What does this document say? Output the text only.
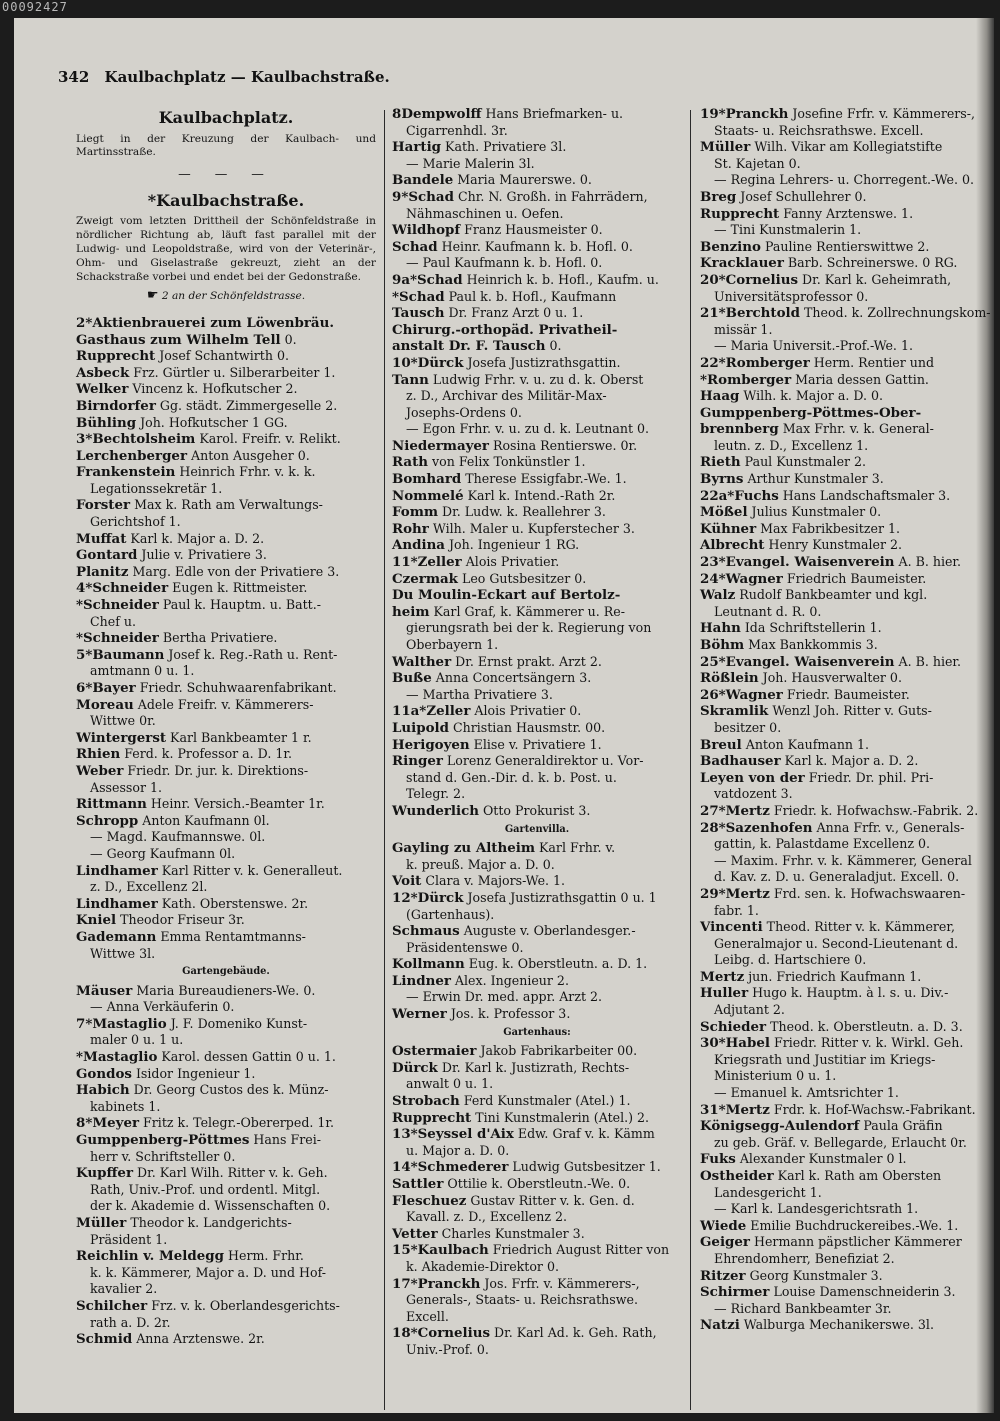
00092427
342 Kaulbachplatz — Kaulbachstraße.
Kaulbachplatz.
Liegt in der Kreuzung der Kaulbach- und Martinsstraße.
— — —
*Kaulbachstraße.
Zweigt vom letzten Drittheil der Schönfeldstraße in nördlicher Richtung ab, läuft fast parallel mit der Ludwig- und Leopoldstraße, wird von der Veterinär-, Ohm- und Giselastraße gekreuzt, zieht an der Schackstraße vorbei und endet bei der Gedonstraße.
☛ 2 an der Schönfeldstrasse.
2*Aktienbrauerei zum Löwenbräu.
Gasthaus zum Wilhelm Tell 0.
Rupprecht Josef Schantwirth 0.
Asbeck Frz. Gürtler u. Silberarbeiter 1.
Welker Vincenz k. Hofkutscher 2.
Birndorfer Gg. städt. Zimmergeselle 2.
Bühling Joh. Hofkutscher 1 GG.
3*Bechtolsheim Karol. Freifr. v. Relikt.
Lerchenberger Anton Ausgeher 0.
Frankenstein Heinrich Frhr. v. k. k.
Legationssekretär 1.
Forster Max k. Rath am Verwaltungs-
Gerichtshof 1.
Muffat Karl k. Major a. D. 2.
Gontard Julie v. Privatiere 3.
Planitz Marg. Edle von der Privatiere 3.
4*Schneider Eugen k. Rittmeister.
*Schneider Paul k. Hauptm. u. Batt.-
Chef u.
*Schneider Bertha Privatiere.
5*Baumann Josef k. Reg.-Rath u. Rent-
amtmann 0 u. 1.
6*Bayer Friedr. Schuhwaarenfabrikant.
Moreau Adele Freifr. v. Kämmerers-
Wittwe 0r.
Wintergerst Karl Bankbeamter 1 r.
Rhien Ferd. k. Professor a. D. 1r.
Weber Friedr. Dr. jur. k. Direktions-
Assessor 1.
Rittmann Heinr. Versich.-Beamter 1r.
Schropp Anton Kaufmann 0l.
— Magd. Kaufmannswe. 0l.
— Georg Kaufmann 0l.
Lindhamer Karl Ritter v. k. Generalleut.
z. D., Excellenz 2l.
Lindhamer Kath. Oberstenswe. 2r.
Kniel Theodor Friseur 3r.
Gademann Emma Rentamtmanns-
Wittwe 3l.
Gartengebäude.
Mäuser Maria Bureaudieners-We. 0.
— Anna Verkäuferin 0.
7*Mastaglio J. F. Domeniko Kunst-
maler 0 u. 1 u.
*Mastaglio Karol. dessen Gattin 0 u. 1.
Gondos Isidor Ingenieur 1.
Habich Dr. Georg Custos des k. Münz-
kabinets 1.
8*Meyer Fritz k. Telegr.-Obererped. 1r.
Gumppenberg-Pöttmes Hans Frei-
herr v. Schriftsteller 0.
Kupffer Dr. Karl Wilh. Ritter v. k. Geh.
Rath, Univ.-Prof. und ordentl. Mitgl.
der k. Akademie d. Wissenschaften 0.
Müller Theodor k. Landgerichts-
Präsident 1.
Reichlin v. Meldegg Herm. Frhr.
k. k. Kämmerer, Major a. D. und Hof-
kavalier 2.
Schilcher Frz. v. k. Oberlandesgerichts-
rath a. D. 2r.
Schmid Anna Arztenswe. 2r.
8Dempwolff Hans Briefmarken- u.
Cigarrenhdl. 3r.
Hartig Kath. Privatiere 3l.
— Marie Malerin 3l.
Bandele Maria Maurerswe. 0.
9*Schad Chr. N. Großh. in Fahrrädern,
Nähmaschinen u. Oefen.
Wildhopf Franz Hausmeister 0.
Schad Heinr. Kaufmann k. b. Hofl. 0.
— Paul Kaufmann k. b. Hofl. 0.
9a*Schad Heinrich k. b. Hofl., Kaufm. u.
*Schad Paul k. b. Hofl., Kaufmann
Tausch Dr. Franz Arzt 0 u. 1.
Chirurg.-orthopäd. Privatheil-
anstalt Dr. F. Tausch 0.
10*Dürck Josefa Justizrathsgattin.
Tann Ludwig Frhr. v. u. zu d. k. Oberst
z. D., Archivar des Militär-Max-
Josephs-Ordens 0.
— Egon Frhr. v. u. zu d. k. Leutnant 0.
Niedermayer Rosina Rentierswe. 0r.
Rath von Felix Tonkünstler 1.
Bomhard Therese Essigfabr.-We. 1.
Nommelé Karl k. Intend.-Rath 2r.
Fomm Dr. Ludw. k. Reallehrer 3.
Rohr Wilh. Maler u. Kupferstecher 3.
Andina Joh. Ingenieur 1 RG.
11*Zeller Alois Privatier.
Czermak Leo Gutsbesitzer 0.
Du Moulin-Eckart auf Bertolz-
heim Karl Graf, k. Kämmerer u. Re-
gierungsrath bei der k. Regierung von
Oberbayern 1.
Walther Dr. Ernst prakt. Arzt 2.
Buße Anna Concertsängern 3.
— Martha Privatiere 3.
11a*Zeller Alois Privatier 0.
Luipold Christian Hausmstr. 00.
Herigoyen Elise v. Privatiere 1.
Ringer Lorenz Generaldirektor u. Vor-
stand d. Gen.-Dir. d. k. b. Post. u.
Telegr. 2.
Wunderlich Otto Prokurist 3.
Gartenvilla.
Gayling zu Altheim Karl Frhr. v.
k. preuß. Major a. D. 0.
Voit Clara v. Majors-We. 1.
12*Dürck Josefa Justizrathsgattin 0 u. 1
(Gartenhaus).
Schmaus Auguste v. Oberlandesger.-
Präsidentenswe 0.
Kollmann Eug. k. Oberstleutn. a. D. 1.
Lindner Alex. Ingenieur 2.
— Erwin Dr. med. appr. Arzt 2.
Werner Jos. k. Professor 3.
Gartenhaus:
Ostermaier Jakob Fabrikarbeiter 00.
Dürck Dr. Karl k. Justizrath, Rechts-
anwalt 0 u. 1.
Strobach Ferd Kunstmaler (Atel.) 1.
Rupprecht Tini Kunstmalerin (Atel.) 2.
13*Seyssel d'Aix Edw. Graf v. k. Kämm
u. Major a. D. 0.
14*Schmederer Ludwig Gutsbesitzer 1.
Sattler Ottilie k. Oberstleutn.-We. 0.
Fleschuez Gustav Ritter v. k. Gen. d.
Kavall. z. D., Excellenz 2.
Vetter Charles Kunstmaler 3.
15*Kaulbach Friedrich August Ritter von
k. Akademie-Direktor 0.
17*Pranckh Jos. Frfr. v. Kämmerers-,
Generals-, Staats- u. Reichsrathswe.
Excell.
18*Cornelius Dr. Karl Ad. k. Geh. Rath,
Univ.-Prof. 0.
19*Pranckh Josefine Frfr. v. Kämmerers-,
Staats- u. Reichsrathswe. Excell.
Müller Wilh. Vikar am Kollegiatstifte
St. Kajetan 0.
— Regina Lehrers- u. Chorregent.-We. 0.
Breg Josef Schullehrer 0.
Rupprecht Fanny Arztenswe. 1.
— Tini Kunstmalerin 1.
Benzino Pauline Rentierswittwe 2.
Kracklauer Barb. Schreinerswe. 0 RG.
20*Cornelius Dr. Karl k. Geheimrath,
Universitätsprofessor 0.
21*Berchtold Theod. k. Zollrechnungskom-
missär 1.
— Maria Universit.-Prof.-We. 1.
22*Romberger Herm. Rentier und
*Romberger Maria dessen Gattin.
Haag Wilh. k. Major a. D. 0.
Gumppenberg-Pöttmes-Ober-
brennberg Max Frhr. v. k. General-
leutn. z. D., Excellenz 1.
Rieth Paul Kunstmaler 2.
Byrns Arthur Kunstmaler 3.
22a*Fuchs Hans Landschaftsmaler 3.
Mößel Julius Kunstmaler 0.
Kühner Max Fabrikbesitzer 1.
Albrecht Henry Kunstmaler 2.
23*Evangel. Waisenverein A. B. hier.
24*Wagner Friedrich Baumeister.
Walz Rudolf Bankbeamter und kgl.
Leutnant d. R. 0.
Hahn Ida Schriftstellerin 1.
Böhm Max Bankkommis 3.
25*Evangel. Waisenverein A. B. hier.
Rößlein Joh. Hausverwalter 0.
26*Wagner Friedr. Baumeister.
Skramlik Wenzl Joh. Ritter v. Guts-
besitzer 0.
Breul Anton Kaufmann 1.
Badhauser Karl k. Major a. D. 2.
Leyen von der Friedr. Dr. phil. Pri-
vatdozent 3.
27*Mertz Friedr. k. Hofwachsw.-Fabrik. 2.
28*Sazenhofen Anna Frfr. v., Generals-
gattin, k. Palastdame Excellenz 0.
— Maxim. Frhr. v. k. Kämmerer, General
d. Kav. z. D. u. Generaladjut. Excell. 0.
29*Mertz Frd. sen. k. Hofwachswaaren-
fabr. 1.
Vincenti Theod. Ritter v. k. Kämmerer,
Generalmajor u. Second-Lieutenant d.
Leibg. d. Hartschiere 0.
Mertz jun. Friedrich Kaufmann 1.
Huller Hugo k. Hauptm. à l. s. u. Div.-
Adjutant 2.
Schieder Theod. k. Oberstleutn. a. D. 3.
30*Habel Friedr. Ritter v. k. Wirkl. Geh.
Kriegsrath und Justitiar im Kriegs-
Ministerium 0 u. 1.
— Emanuel k. Amtsrichter 1.
31*Mertz Frdr. k. Hof-Wachsw.-Fabrikant.
Königsegg-Aulendorf Paula Gräfin
zu geb. Gräf. v. Bellegarde, Erlaucht 0r.
Fuks Alexander Kunstmaler 0 l.
Ostheider Karl k. Rath am Obersten
Landesgericht 1.
— Karl k. Landesgerichtsrath 1.
Wiede Emilie Buchdruckereibes.-We. 1.
Geiger Hermann päpstlicher Kämmerer
Ehrendomherr, Benefiziat 2.
Ritzer Georg Kunstmaler 3.
Schirmer Louise Damenschneiderin 3.
— Richard Bankbeamter 3r.
Natzi Walburga Mechanikerswe. 3l.
